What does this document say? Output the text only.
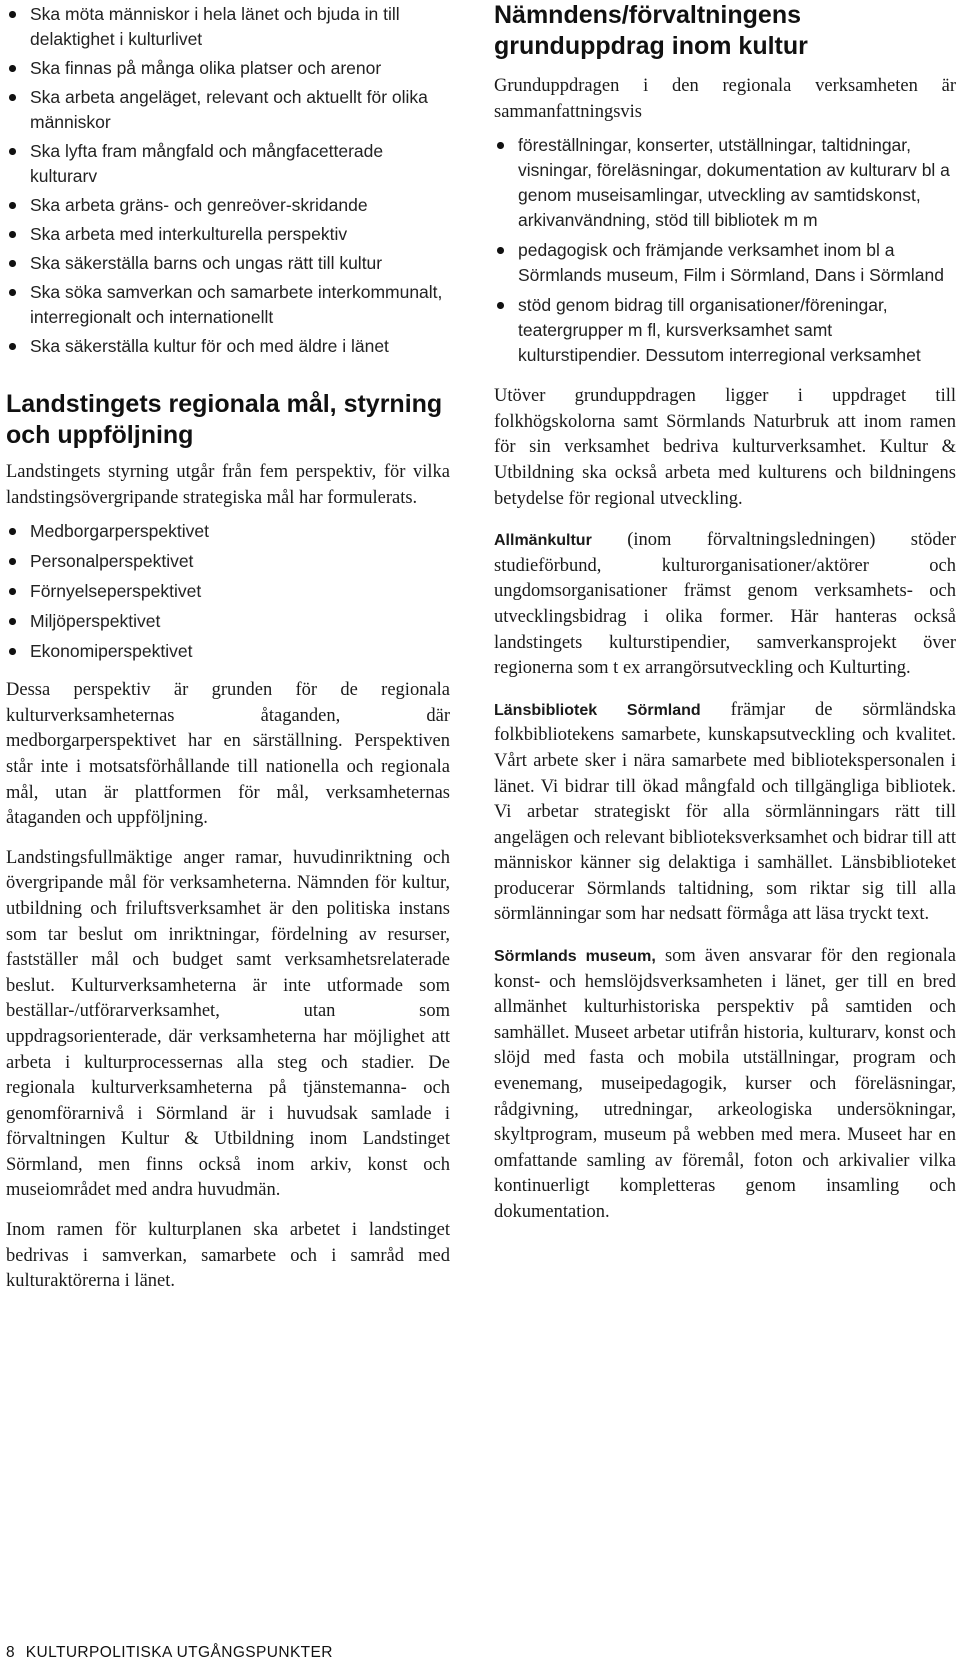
Ska möta människor i hela länet och bjuda in till delaktighet i kulturlivet
Ska finnas på många olika platser och arenor
Ska arbeta angeläget, relevant och aktuellt för olika människor
Ska lyfta fram mångfald och mångfacetterade kulturarv
Ska arbeta gräns- och genreöver-skridande
Ska arbeta med interkulturella perspektiv
Ska säkerställa barns och ungas rätt till kultur
Ska söka samverkan och samarbete interkommunalt, interregionalt och internationellt
Ska säkerställa kultur för och med äldre i länet
Landstingets regionala mål, styrning och uppföljning

Landstingets styrning utgår från fem perspektiv, för vilka landstingsövergripande strategiska mål har formulerats.

Medborgarperspektivet
Personalperspektivet
Förnyelseperspektivet
Miljöperspektivet
Ekonomiperspektivet

Dessa perspektiv är grunden för de regionala kulturverksamheternas åtaganden, där medborgarperspektivet har en särställning. Perspektiven står inte i motsatsförhållande till nationella och regionala mål, utan är plattformen för mål, verksamheternas åtaganden och uppföljning.

Landstingsfullmäktige anger ramar, huvudinriktning och övergripande mål för verksamheterna. Nämnden för kultur, utbildning och friluftsverksamhet är den politiska instans som tar beslut om inriktningar, fördelning av resurser, fastställer mål och budget samt verksamhetsrelaterade beslut. Kulturverksamheterna är inte utformade som beställar-/utförarverksamhet, utan som uppdragsorienterade, där verksamheterna har möjlighet att arbeta i kulturprocessernas alla steg och stadier. De regionala kulturverksamheterna på tjänstemanna- och genomförarnivå i Sörmland är i huvudsak samlade i förvaltningen Kultur & Utbildning inom Landstinget Sörmland, men finns också inom arkiv, konst och museiområdet med andra huvudmän.

Inom ramen för kulturplanen ska arbetet i landstinget bedrivas i samverkan, samarbete och i samråd med kulturaktörerna i länet.

Nämndens/förvaltningens grunduppdrag inom kultur

Grunduppdragen i den regionala verksamheten är sammanfattningsvis

föreställningar, konserter, utställningar, taltidningar, visningar, föreläsningar, dokumentation av kulturarv bl a genom museisamlingar, utveckling av samtidskonst, arkivanvändning, stöd till bibliotek m m
pedagogisk och främjande verksamhet inom bl a Sörmlands museum, Film i Sörmland, Dans i Sörmland
stöd genom bidrag till organisationer/föreningar, teatergrupper m fl, kursverksamhet samt kulturstipendier. Dessutom interregional verksamhet

Utöver grunduppdragen ligger i uppdraget till folkhögskolorna samt Sörmlands Naturbruk att inom ramen för sin verksamhet bedriva kulturverksamhet. Kultur & Utbildning ska också arbeta med kulturens och bildningens betydelse för regional utveckling.

Allmänkultur (inom förvaltningsledningen) stöder studieförbund, kulturorganisationer/aktörer och ungdomsorganisationer främst genom verksamhets- och utvecklingsbidrag i olika former. Här hanteras också landstingets kulturstipendier, samverkansprojekt över regionerna som t ex arrangörsutveckling och Kulturting.

Länsbibliotek Sörmland främjar de sörmländska folkbibliotekens samarbete, kunskapsutveckling och kvalitet. Vårt arbete sker i nära samarbete med bibliotekspersonalen i länet. Vi bidrar till ökad mångfald och tillgängliga bibliotek. Vi arbetar strategiskt för alla sörmlänningars rätt till angelägen och relevant biblioteksverksamhet och bidrar till att människor känner sig delaktiga i samhället. Länsbiblioteket producerar Sörmlands taltidning, som riktar sig till alla sörmlänningar som har nedsatt förmåga att läsa tryckt text.

Sörmlands museum, som även ansvarar för den regionala konst- och hemslöjdsverksamheten i länet, ger till en bred allmänhet kulturhistoriska perspektiv på samtiden och samhället. Museet arbetar utifrån historia, kulturarv, konst och slöjd med fasta och mobila utställningar, program och evenemang, museipedagogik, kurser och föreläsningar, rådgivning, utredningar, arkeologiska undersökningar, skyltprogram, museum på webben med mera. Museet har en omfattande samling av föremål, foton och arkivalier vilka kontinuerligt kompletteras genom insamling och dokumentation.

8 KULTURPOLITISKA UTGÅNGSPUNKTER
